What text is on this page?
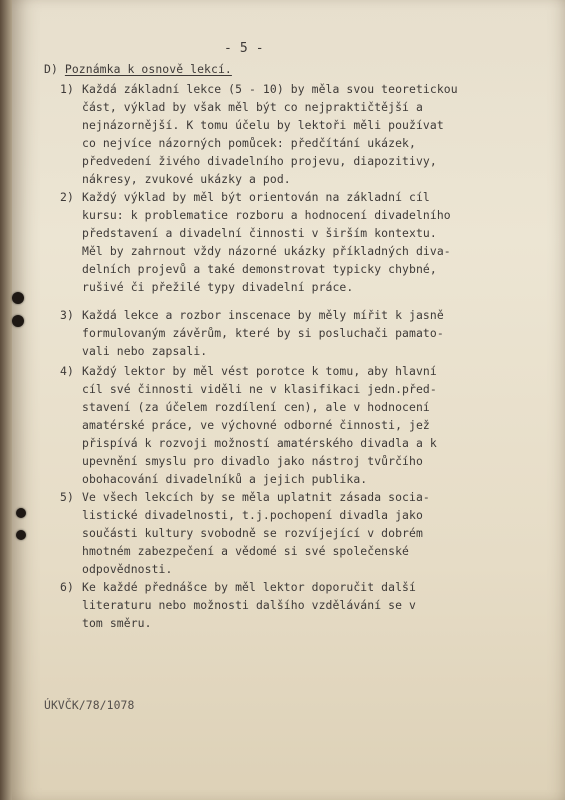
- 5 -
D) Poznámka k osnově lekcí.
1) Každá základní lekce (5 - 10) by měla svou teoretickou
část, výklad by však měl být co nejpraktičtější a
nejnázornější. K tomu účelu by lektoři měli používat
co nejvíce názorných pomůcek: předčítání ukázek,
předvedení živého divadelního projevu, diapozitivy,
nákresy, zvukové ukázky a pod.
2) Každý výklad by měl být orientován na základní cíl
kursu: k problematice rozboru a hodnocení divadelního
představení a divadelní činnosti v širším kontextu.
Měl by zahrnout vždy názorné ukázky příkladných diva-
delních projevů a také demonstrovat typicky chybné,
rušivé či přežilé typy divadelní práce.
3) Každá lekce a rozbor inscenace by měly mířit k jasně
formulovaným závěrům, které by si posluchači pamato-
vali nebo zapsali.
4) Každý lektor by měl vést porotce k tomu, aby hlavní
cíl své činnosti viděli ne v klasifikaci jedn.před-
stavení (za účelem rozdílení cen), ale v hodnocení
amatérské práce, ve výchovné odborné činnosti, jež
přispívá k rozvoji možností amatérského divadla a k
upevnění smyslu pro divadlo jako nástroj tvůrčího
obohacování divadelníků a jejich publika.
5) Ve všech lekcích by se měla uplatnit zásada socia-
listické divadelnosti, t.j.pochopení divadla jako
součásti kultury svobodně se rozvíjející v dobrém
hmotném zabezpečení a vědomé si své společenské
odpovědnosti.
6) Ke každé přednášce by měl lektor doporučit další
literaturu nebo možnosti dalšího vzdělávání se v
tom směru.
ÚKVČK/78/1078
